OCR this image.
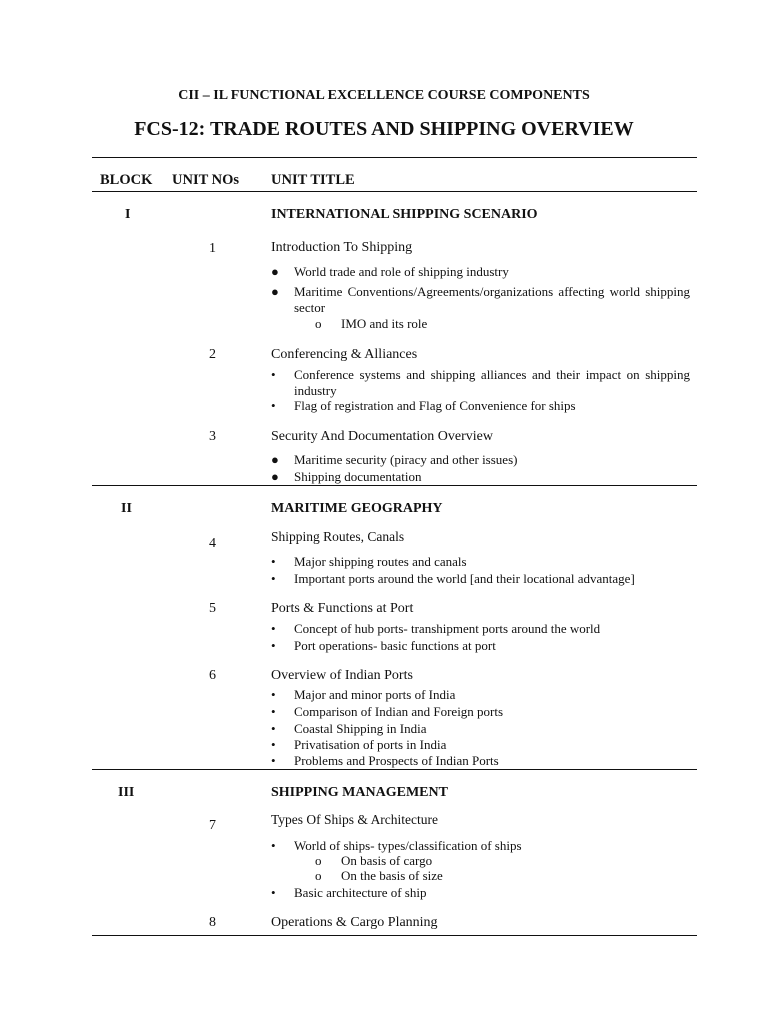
CII – IL FUNCTIONAL EXCELLENCE COURSE COMPONENTS
FCS-12: TRADE ROUTES AND SHIPPING OVERVIEW
BLOCK UNIT NOs UNIT TITLE
I	INTERNATIONAL SHIPPING SCENARIO
1	Introduction To Shipping
●	World trade and role of shipping industry
●	Maritime Conventions/Agreements/organizations affecting world shipping sector
o IMO and its role
2	Conferencing & Alliances
•	Conference systems and shipping alliances and their impact on shipping industry
•	Flag of registration and Flag of Convenience for ships
3	Security And Documentation Overview
●	Maritime security (piracy and other issues)
●	Shipping documentation
II	MARITIME GEOGRAPHY
4	Shipping Routes, Canals
•	Major shipping routes and canals
•	Important ports around the world [and their locational advantage]
5	Ports & Functions at Port
•	Concept of hub ports- transhipment ports around the world
•	Port operations- basic functions at port
6	Overview of Indian Ports
•	Major and minor ports of India
•	Comparison of Indian and Foreign ports
•	Coastal Shipping in India
•	Privatisation of ports in India
•	Problems and Prospects of Indian Ports
III	SHIPPING MANAGEMENT
7	Types Of Ships & Architecture
•	World of ships- types/classification of ships
o On basis of cargo
o On the basis of size
•	Basic architecture of ship
8	Operations & Cargo Planning
